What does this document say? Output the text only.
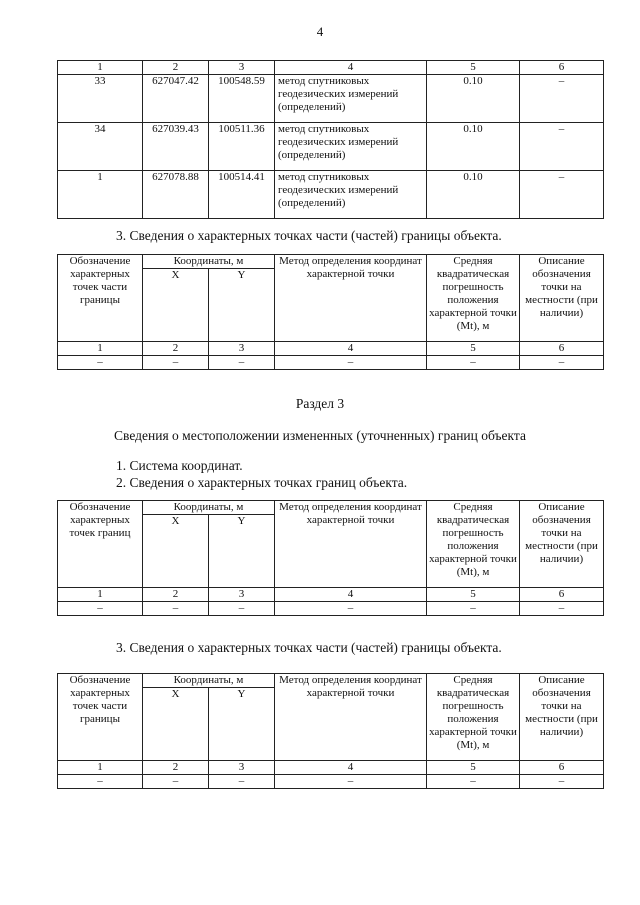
4
1	2	3	4	5	6
33	627047.42	100548.59	метод спутниковых геодезических измерений (определений)	0.10	–
34	627039.43	100511.36	метод спутниковых геодезических измерений (определений)	0.10	–
1	627078.88	100514.41	метод спутниковых геодезических измерений (определений)	0.10	–
3. Сведения о характерных точках части (частей) границы объекта.
Обозначение характерных точек части границы	Координаты, м		Метод определения координат характерной точки	Средняя квадратическая погрешность положения характерной точки (Mt), м	Описание обозначения точки на местности (при наличии)
	X	Y			
1	2	3	4	5	6
–	–	–	–	–	–
Раздел 3
Сведения о местоположении измененных (уточненных) границ объекта
1. Система координат.
2. Сведения о характерных точках границ объекта.
Обозначение характерных точек границ	Координаты, м		Метод определения координат характерной точки	Средняя квадратическая погрешность положения характерной точки (Mt), м	Описание обозначения точки на местности (при наличии)
	X	Y			
1	2	3	4	5	6
–	–	–	–	–	–
3. Сведения о характерных точках части (частей) границы объекта.
Обозначение характерных точек части границы	Координаты, м		Метод определения координат характерной точки	Средняя квадратическая погрешность положения характерной точки (Mt), м	Описание обозначения точки на местности (при наличии)
	X	Y			
1	2	3	4	5	6
–	–	–	–	–	–
